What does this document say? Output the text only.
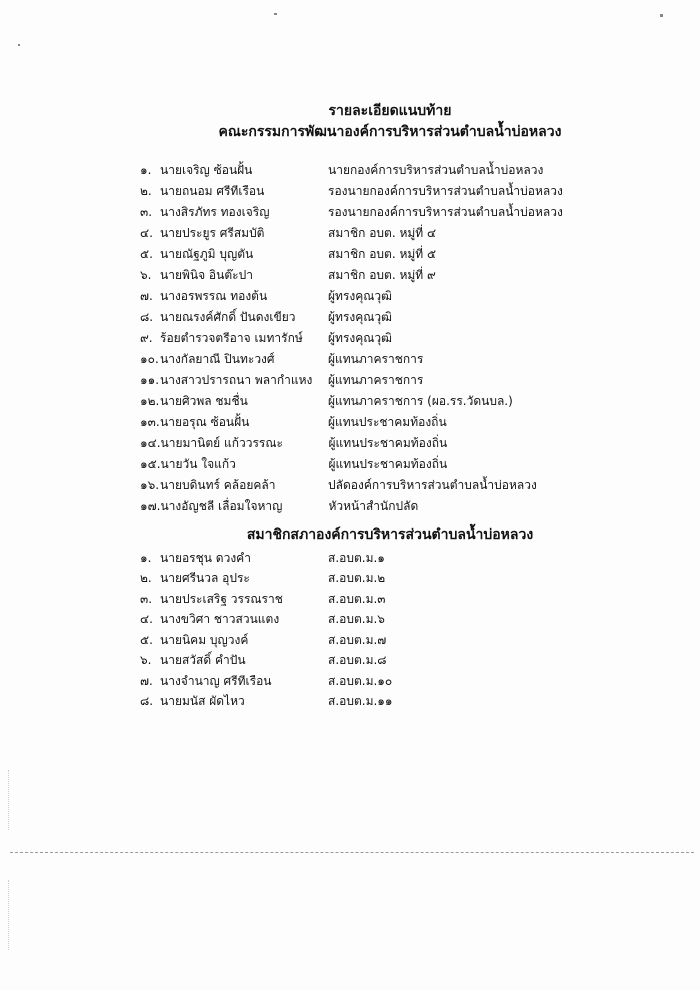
รายละเอียดแนบท้าย
คณะกรรมการพัฒนาองค์การบริหารส่วนตำบลน้ำบ่อหลวง
๑. นายเจริญ ซ้อนฝั้น	นายกองค์การบริหารส่วนตำบลน้ำบ่อหลวง
๒. นายถนอม ศรีทีเรือน	รองนายกองค์การบริหารส่วนตำบลน้ำบ่อหลวง
๓. นางสิรภัทร ทองเจริญ	รองนายกองค์การบริหารส่วนตำบลน้ำบ่อหลวง
๔. นายประยูร ศรีสมบัติ	สมาชิก อบต. หมู่ที่ ๔
๕. นายณัฐภูมิ บุญตัน	สมาชิก อบต. หมู่ที่ ๕
๖. นายพินิจ อินต๊ะปา	สมาชิก อบต. หมู่ที่ ๙
๗. นางอรพรรณ ทองต้น	ผู้ทรงคุณวุฒิ
๘. นายณรงค์ศักดิ์ ปันดงเขียว	ผู้ทรงคุณวุฒิ
๙. ร้อยตำรวจตรีอาจ เมทารักษ์	ผู้ทรงคุณวุฒิ
๑๐. นางกัลยาณี ปินทะวงศ์	ผู้แทนภาคราชการ
๑๑. นางสาวปรารถนา พลากำแหง	ผู้แทนภาคราชการ
๑๒. นายศิวพล ชมชื่น	ผู้แทนภาคราชการ (ผอ.รร.วัดนบล.)
๑๓. นายอรุณ ซ้อนฝั้น	ผู้แทนประชาคมท้องถิ่น
๑๔. นายมานิตย์ แก้ววรรณะ	ผู้แทนประชาคมท้องถิ่น
๑๕. นายวัน ใจแก้ว	ผู้แทนประชาคมท้องถิ่น
๑๖. นายบดินทร์ คล้อยคล้า	ปลัดองค์การบริหารส่วนตำบลน้ำบ่อหลวง
๑๗. นางอัญชลี เลื่อมใจหาญ	หัวหน้าสำนักปลัด
สมาชิกสภาองค์การบริหารส่วนตำบลน้ำบ่อหลวง
๑. นายอรชุน ดวงคำ	ส.อบต.ม.๑
๒. นายศรีนวล อุประ	ส.อบต.ม.๒
๓. นายประเสริฐ วรรณราช	ส.อบต.ม.๓
๔. นางขวิศา ชาวสวนแตง	ส.อบต.ม.๖
๕. นายนิคม บุญวงค์	ส.อบต.ม.๗
๖. นายสวัสดิ์ คำปัน	ส.อบต.ม.๘
๗. นางจำนาญ ศรีทีเรือน	ส.อบต.ม.๑๐
๘. นายมนัส ผัดไหว	ส.อบต.ม.๑๑
